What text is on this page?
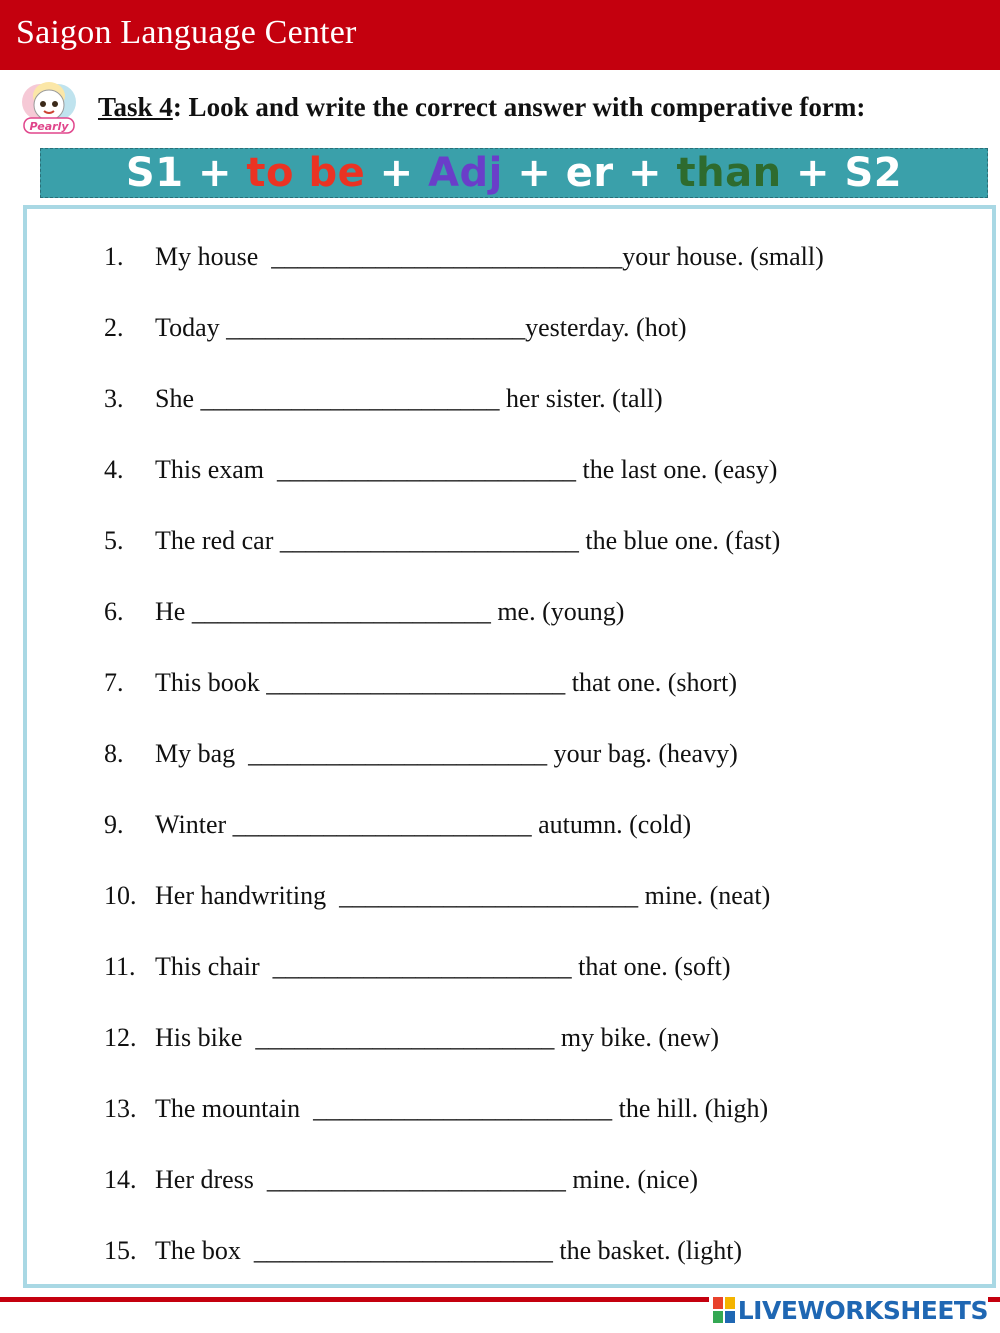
Saigon Language Center
Pearly
Task 4: Look and write the correct answer with comperative form:
S1 + to be + Adj + er + than + S2
1.	My house  ___________________________your house. (small)
2.	Today _______________________yesterday. (hot)
3.	She _______________________ her sister. (tall)
4.	This exam  _______________________ the last one. (easy)
5.	The red car _______________________ the blue one. (fast)
6.	He _______________________ me. (young)
7.	This book _______________________ that one. (short)
8.	My bag  _______________________ your bag. (heavy)
9.	Winter _______________________ autumn. (cold)
10. Her handwriting  _______________________ mine. (neat)
11. This chair  _______________________ that one. (soft)
12. His bike  _______________________ my bike. (new)
13. The mountain  _______________________ the hill. (high)
14. Her dress  _______________________ mine. (nice)
15. The box  _______________________ the basket. (light)
LIVEWORKSHEETS
